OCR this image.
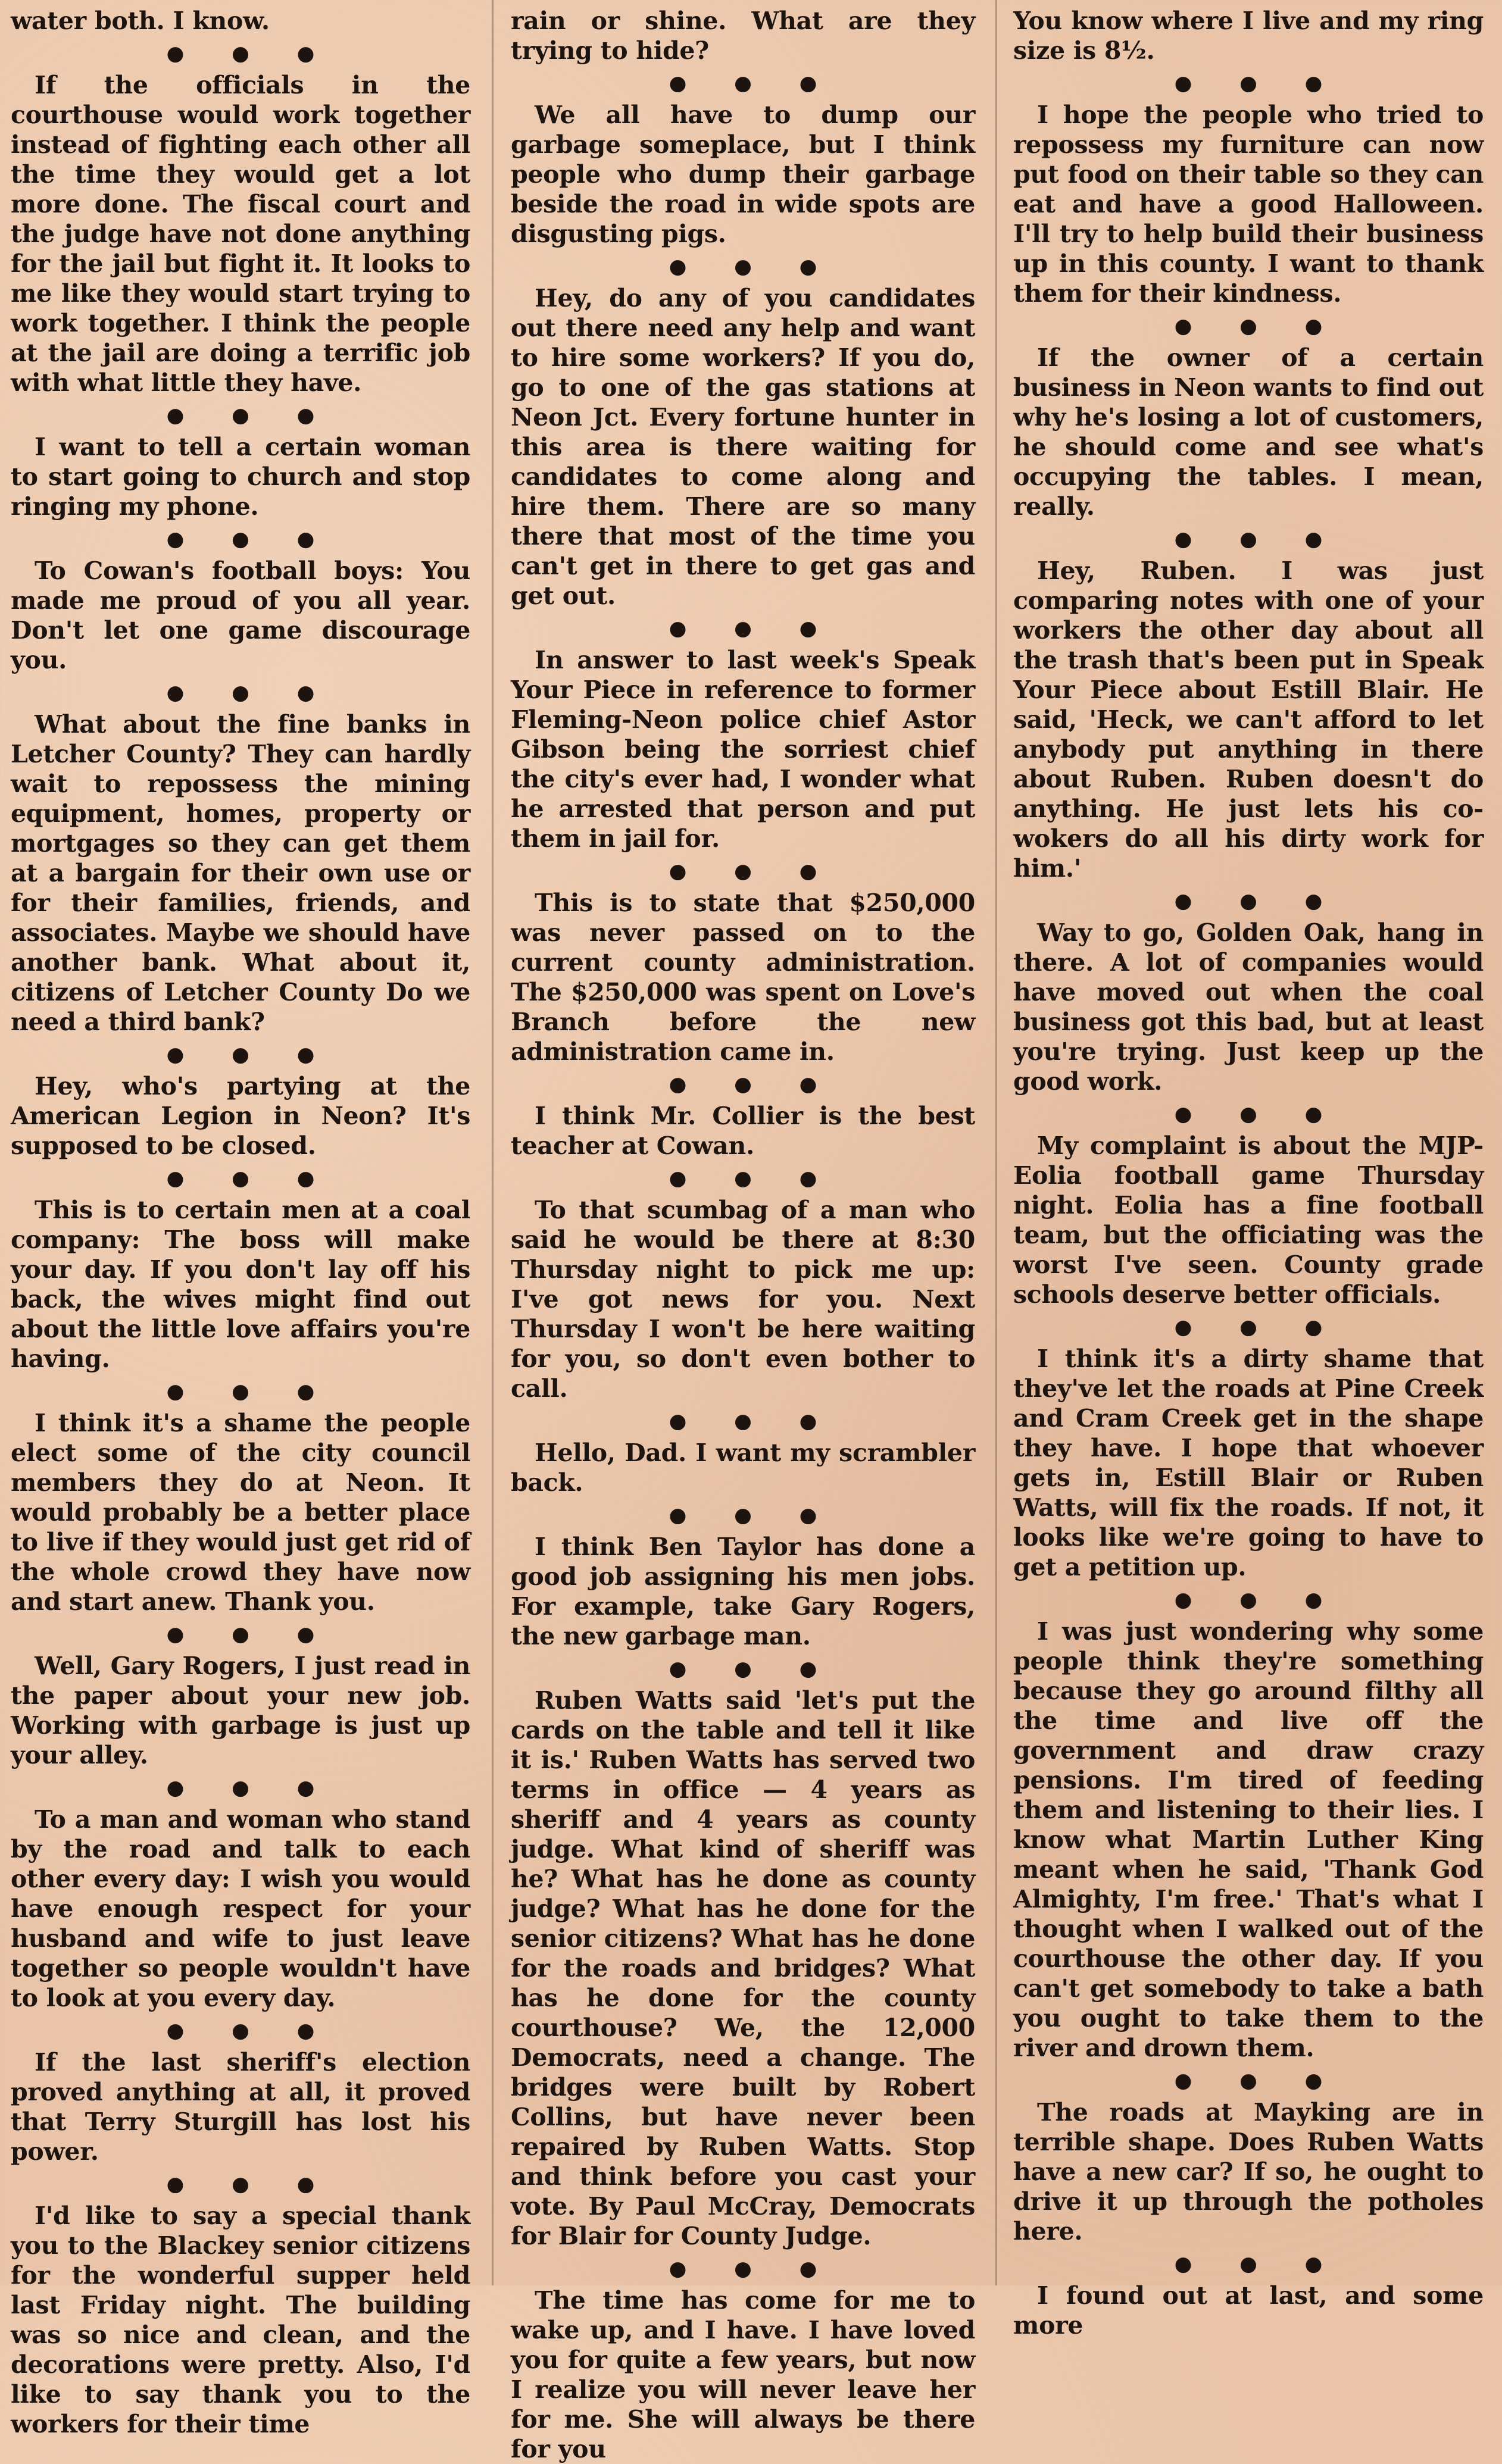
water both. I know.

● ● ●

If the officials in the courthouse would work together instead of fighting each other all the time they would get a lot more done. The fiscal court and the judge have not done anything for the jail but fight it. It looks to me like they would start trying to work together. I think the people at the jail are doing a terrific job with what little they have.

● ● ●

I want to tell a certain woman to start going to church and stop ringing my phone.

● ● ●

To Cowan's football boys: You made me proud of you all year. Don't let one game discourage you.

● ● ●

What about the fine banks in Letcher County? They can hardly wait to repossess the mining equipment, homes, property or mortgages so they can get them at a bargain for their own use or for their families, friends, and associates. Maybe we should have another bank. What about it, citizens of Letcher County Do we need a third bank?

● ● ●

Hey, who's partying at the American Legion in Neon? It's supposed to be closed.

● ● ●

This is to certain men at a coal company: The boss will make your day. If you don't lay off his back, the wives might find out about the little love affairs you're having.

● ● ●

I think it's a shame the people elect some of the city council members they do at Neon. It would probably be a better place to live if they would just get rid of the whole crowd they have now and start anew. Thank you.

● ● ●

Well, Gary Rogers, I just read in the paper about your new job. Working with garbage is just up your alley.

● ● ●

To a man and woman who stand by the road and talk to each other every day: I wish you would have enough respect for your husband and wife to just leave together so people wouldn't have to look at you every day.

● ● ●

If the last sheriff's election proved anything at all, it proved that Terry Sturgill has lost his power.

● ● ●

I'd like to say a special thank you to the Blackey senior citizens for the wonderful supper held last Friday night. The building was so nice and clean, and the decorations were pretty. Also, I'd like to say thank you to the workers for their time

rain or shine. What are they trying to hide?

● ● ●

We all have to dump our garbage someplace, but I think people who dump their garbage beside the road in wide spots are disgusting pigs.

● ● ●

Hey, do any of you candidates out there need any help and want to hire some workers? If you do, go to one of the gas stations at Neon Jct. Every fortune hunter in this area is there waiting for candidates to come along and hire them. There are so many there that most of the time you can't get in there to get gas and get out.

● ● ●

In answer to last week's Speak Your Piece in reference to former Fleming-Neon police chief Astor Gibson being the sorriest chief the city's ever had, I wonder what he arrested that person and put them in jail for.

● ● ●

This is to state that $250,000 was never passed on to the current county administration. The $250,000 was spent on Love's Branch before the new administration came in.

● ● ●

I think Mr. Collier is the best teacher at Cowan.

● ● ●

To that scumbag of a man who said he would be there at 8:30 Thursday night to pick me up: I've got news for you. Next Thursday I won't be here waiting for you, so don't even bother to call.

● ● ●

Hello, Dad. I want my scrambler back.

● ● ●

I think Ben Taylor has done a good job assigning his men jobs. For example, take Gary Rogers, the new garbage man.

● ● ●

Ruben Watts said 'let's put the cards on the table and tell it like it is.' Ruben Watts has served two terms in office — 4 years as sheriff and 4 years as county judge. What kind of sheriff was he? What has he done as county judge? What has he done for the senior citizens? What has he done for the roads and bridges? What has he done for the county courthouse? We, the 12,000 Democrats, need a change. The bridges were built by Robert Collins, but have never been repaired by Ruben Watts. Stop and think before you cast your vote. By Paul McCray, Democrats for Blair for County Judge.

● ● ●

The time has come for me to wake up, and I have. I have loved you for quite a few years, but now I realize you will never leave her for me. She will always be there for you

You know where I live and my ring size is 8½.

● ● ●

I hope the people who tried to repossess my furniture can now put food on their table so they can eat and have a good Halloween. I'll try to help build their business up in this county. I want to thank them for their kindness.

● ● ●

If the owner of a certain business in Neon wants to find out why he's losing a lot of customers, he should come and see what's occupying the tables. I mean, really.

● ● ●

Hey, Ruben. I was just comparing notes with one of your workers the other day about all the trash that's been put in Speak Your Piece about Estill Blair. He said, 'Heck, we can't afford to let anybody put anything in there about Ruben. Ruben doesn't do anything. He just lets his co-wokers do all his dirty work for him.'

● ● ●

Way to go, Golden Oak, hang in there. A lot of companies would have moved out when the coal business got this bad, but at least you're trying. Just keep up the good work.

● ● ●

My complaint is about the MJP-Eolia football game Thursday night. Eolia has a fine football team, but the officiating was the worst I've seen. County grade schools deserve better officials.

● ● ●

I think it's a dirty shame that they've let the roads at Pine Creek and Cram Creek get in the shape they have. I hope that whoever gets in, Estill Blair or Ruben Watts, will fix the roads. If not, it looks like we're going to have to get a petition up.

● ● ●

I was just wondering why some people think they're something because they go around filthy all the time and live off the government and draw crazy pensions. I'm tired of feeding them and listening to their lies. I know what Martin Luther King meant when he said, 'Thank God Almighty, I'm free.' That's what I thought when I walked out of the courthouse the other day. If you can't get somebody to take a bath you ought to take them to the river and drown them.

● ● ●

The roads at Mayking are in terrible shape. Does Ruben Watts have a new car? If so, he ought to drive it up through the potholes here.

● ● ●

I found out at last, and some more
